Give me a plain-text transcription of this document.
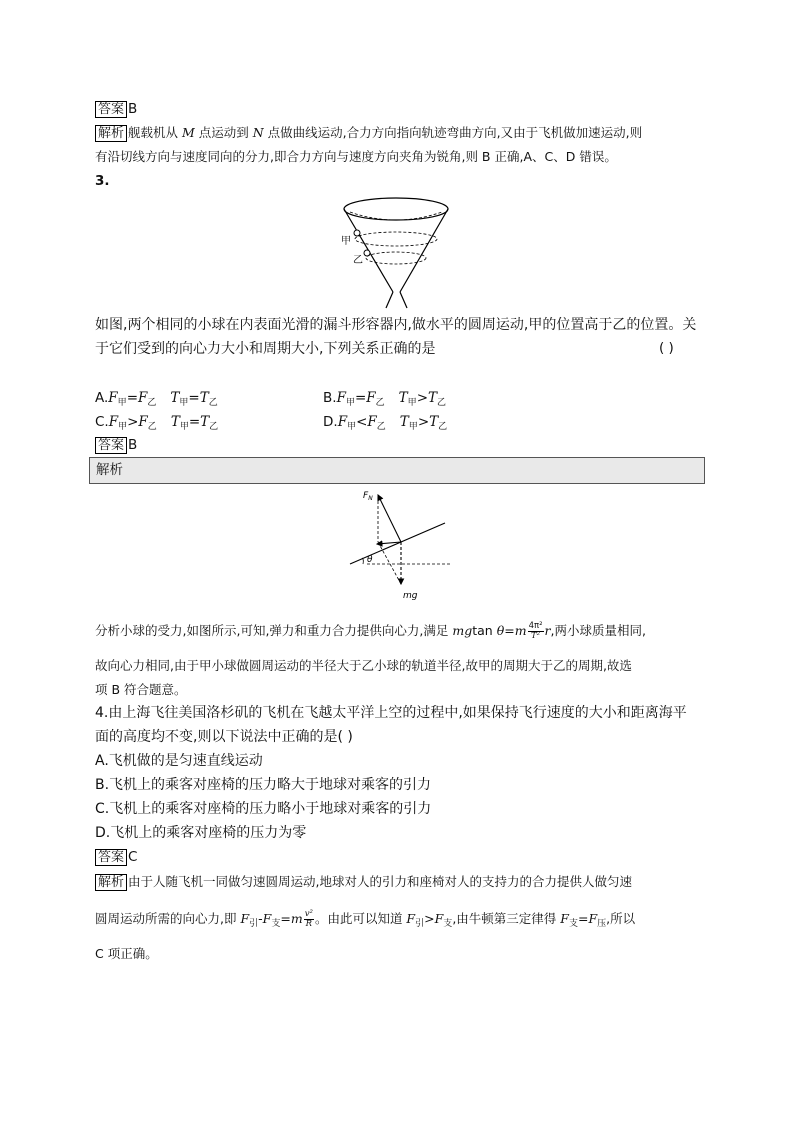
答案 B
解析 舰载机从 M 点运动到 N 点做曲线运动,合力方向指向轨迹弯曲方向,又由于飞机做加速运动,则
有沿切线方向与速度同向的分力,即合力方向与速度方向夹角为锐角,则 B 正确,A、C、D 错误。
3.
甲
乙
如图,两个相同的小球在内表面光滑的漏斗形容器内,做水平的圆周运动,甲的位置高于乙的位置。关
于它们受到的向心力大小和周期大小,下列关系正确的是	( )
$A.F_甲=F_乙$ $T_甲=T_乙$	$B.F_甲=F_乙$ $T_甲>T_乙$
$C.F_甲>F_乙$ $T_甲=T_乙$	$D.F_甲<F_乙$ $T_甲>T_乙$
答案 B
解析
$F_N$
θ
mg
分析小球的受力,如图所示,可知,弹力和重力合力提供向心力,满足 mgtan $\theta=m \frac{\text{4π²}}{\text{T²}} r$,两小球质量相同,
故向心力相同,由于甲小球做圆周运动的半径大于乙小球的轨道半径,故甲的周期大于乙的周期,故选
项 B 符合题意。
4.由上海飞往美国洛杉矶的飞机在飞越太平洋上空的过程中,如果保持飞行速度的大小和距离海平
面的高度均不变,则以下说法中正确的是( )
A.飞机做的是匀速直线运动
B.飞机上的乘客对座椅的压力略大于地球对乘客的引力
C.飞机上的乘客对座椅的压力略小于地球对乘客的引力
D.飞机上的乘客对座椅的压力为零
答案 C
解析 由于人随飞机一同做匀速圆周运动,地球对人的引力和座椅对人的支持力的合力提供人做匀速
圆周运动所需的向心力,即 $F_引-F_支=m \frac{\text{v²}}{R}$ 。由此可以知道 $F_引>F_支$,由牛顿第三定律得 $F_支=F_压$,所以
C 项正确。
